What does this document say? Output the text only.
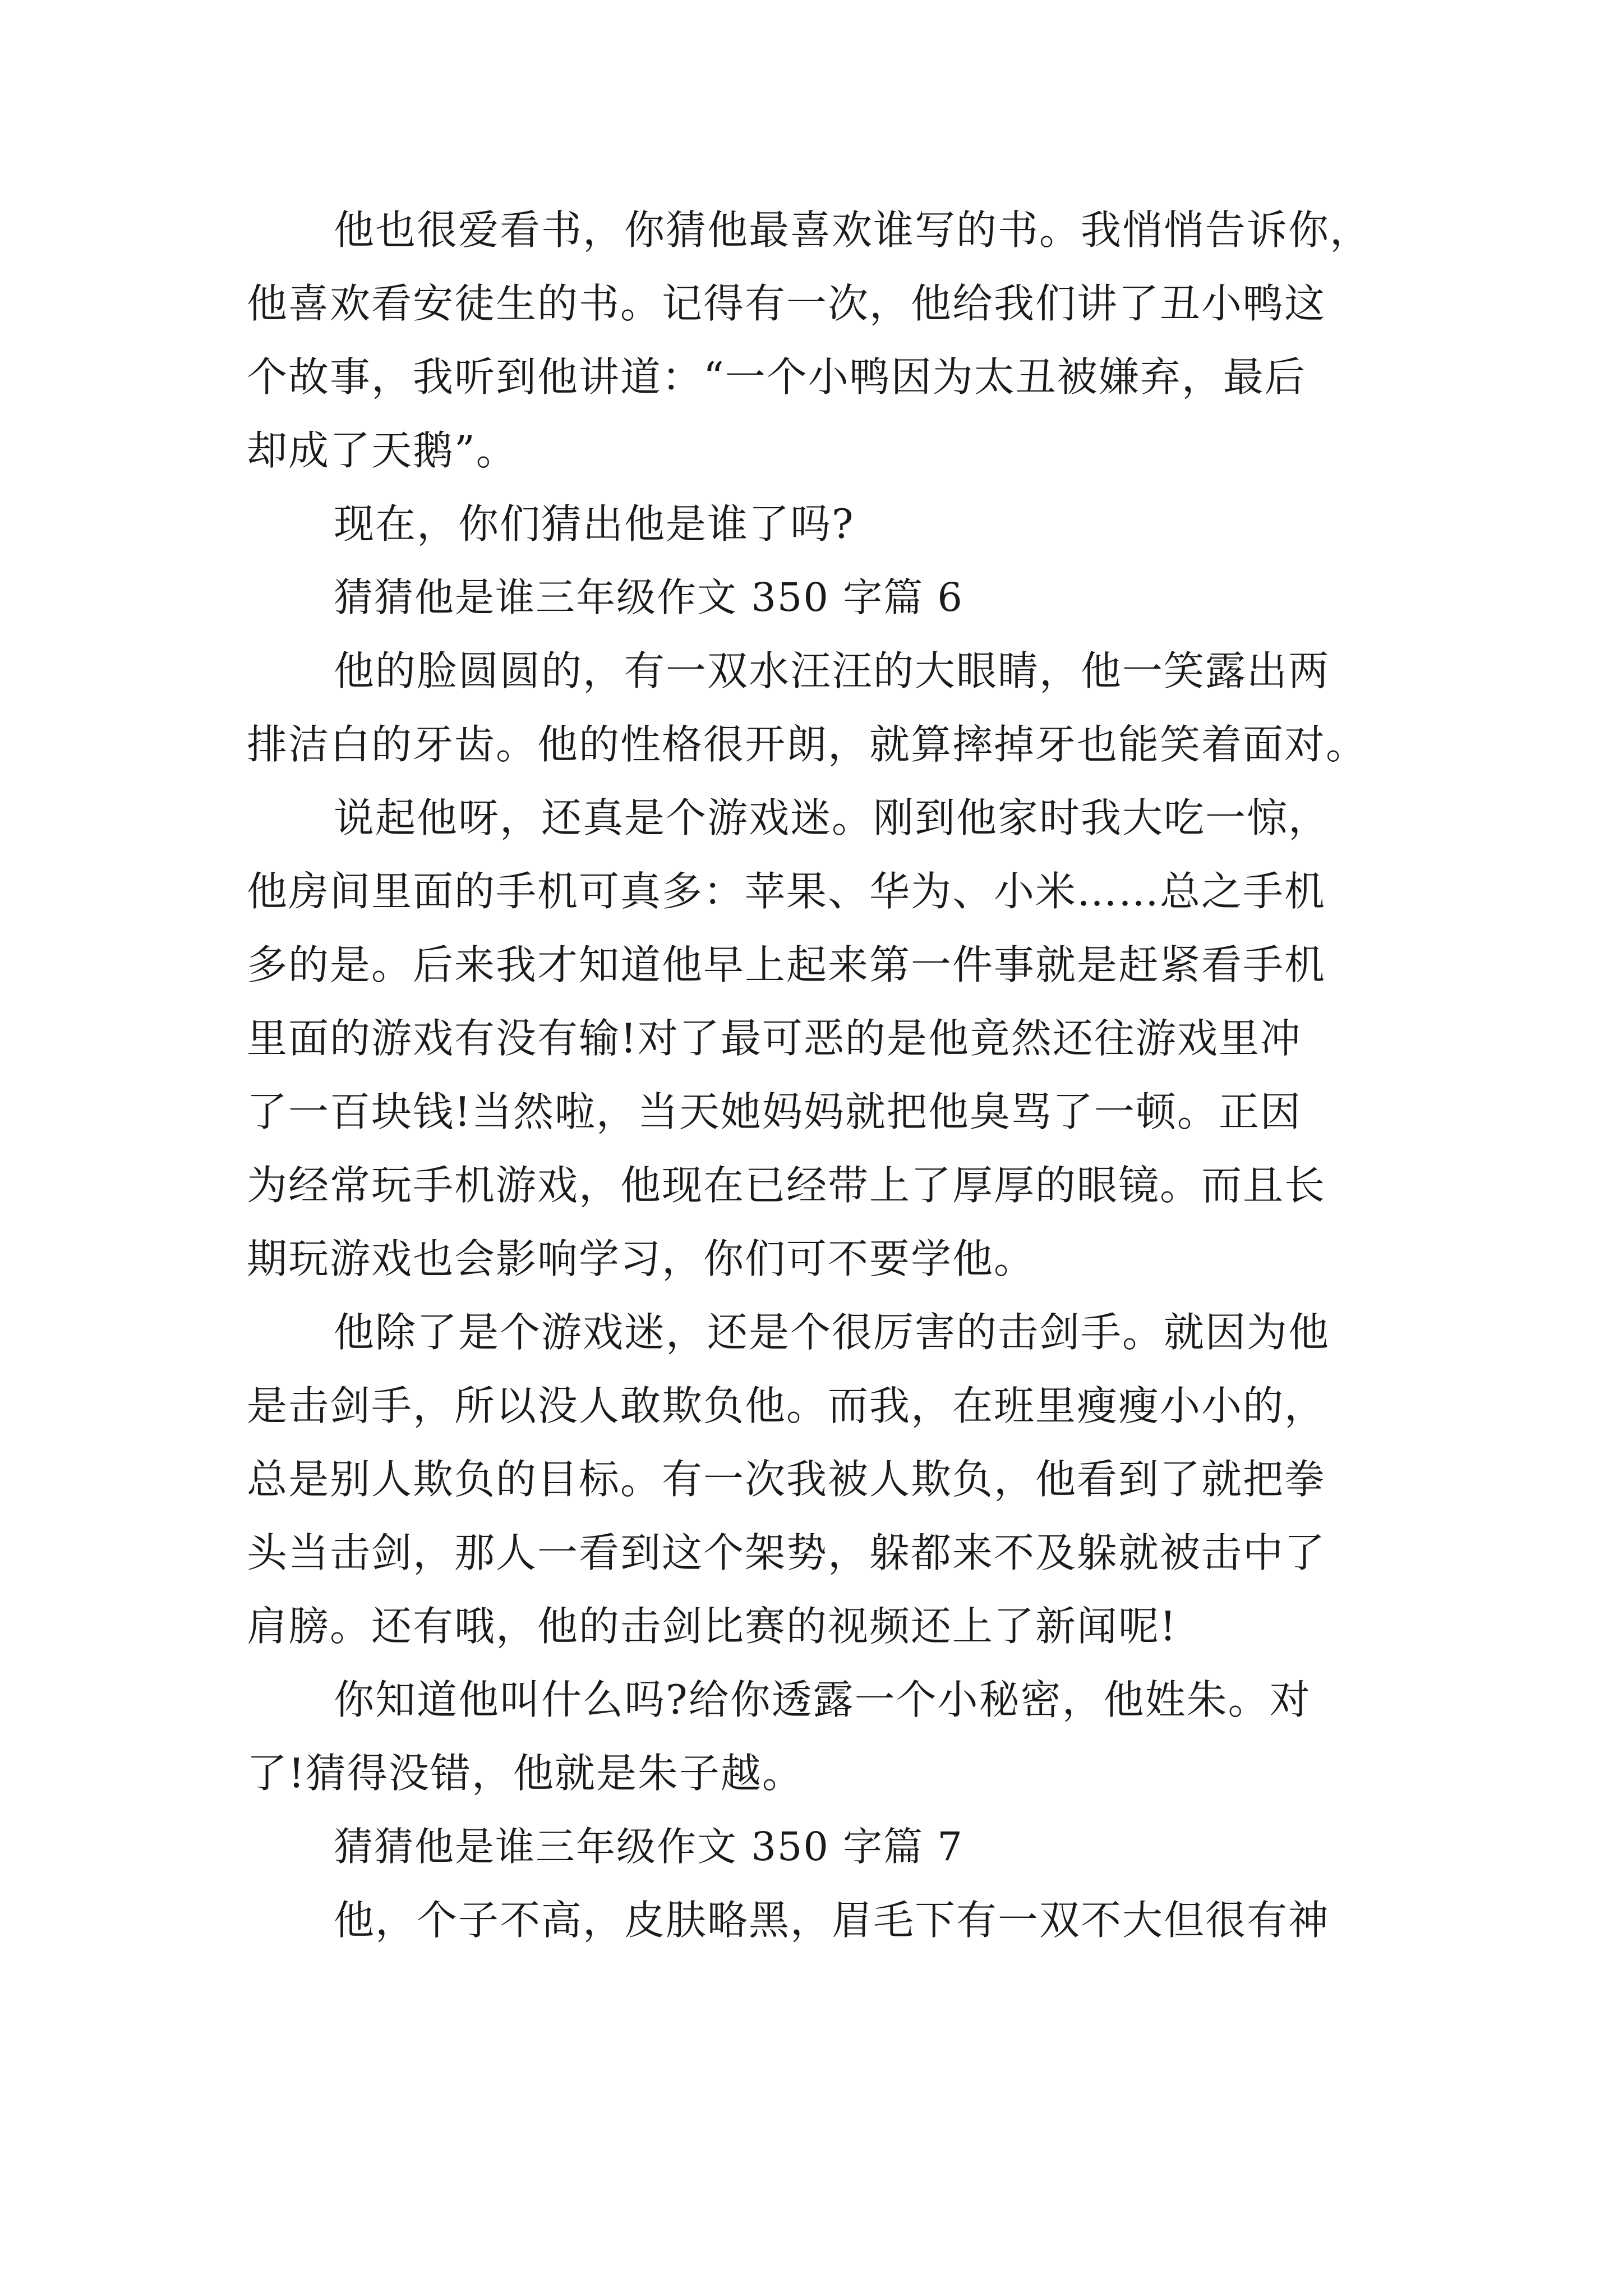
他也很爱看书，你猜他最喜欢谁写的书。我悄悄告诉你，
他喜欢看安徒生的书。记得有一次，他给我们讲了丑小鸭这
个故事，我听到他讲道：“一个小鸭因为太丑被嫌弃，最后
却成了天鹅”。
现在，你们猜出他是谁了吗?
猜猜他是谁三年级作文 350 字篇 6
他的脸圆圆的，有一双水汪汪的大眼睛，他一笑露出两
排洁白的牙齿。他的性格很开朗，就算摔掉牙也能笑着面对。
说起他呀，还真是个游戏迷。刚到他家时我大吃一惊，
他房间里面的手机可真多：苹果、华为、小米……总之手机
多的是。后来我才知道他早上起来第一件事就是赶紧看手机
里面的游戏有没有输!对了最可恶的是他竟然还往游戏里冲
了一百块钱!当然啦，当天她妈妈就把他臭骂了一顿。正因
为经常玩手机游戏，他现在已经带上了厚厚的眼镜。而且长
期玩游戏也会影响学习，你们可不要学他。
他除了是个游戏迷，还是个很厉害的击剑手。就因为他
是击剑手，所以没人敢欺负他。而我，在班里瘦瘦小小的，
总是别人欺负的目标。有一次我被人欺负，他看到了就把拳
头当击剑，那人一看到这个架势，躲都来不及躲就被击中了
肩膀。还有哦，他的击剑比赛的视频还上了新闻呢!
你知道他叫什么吗?给你透露一个小秘密，他姓朱。对
了!猜得没错，他就是朱子越。
猜猜他是谁三年级作文 350 字篇 7
他，个子不高，皮肤略黑，眉毛下有一双不大但很有神
